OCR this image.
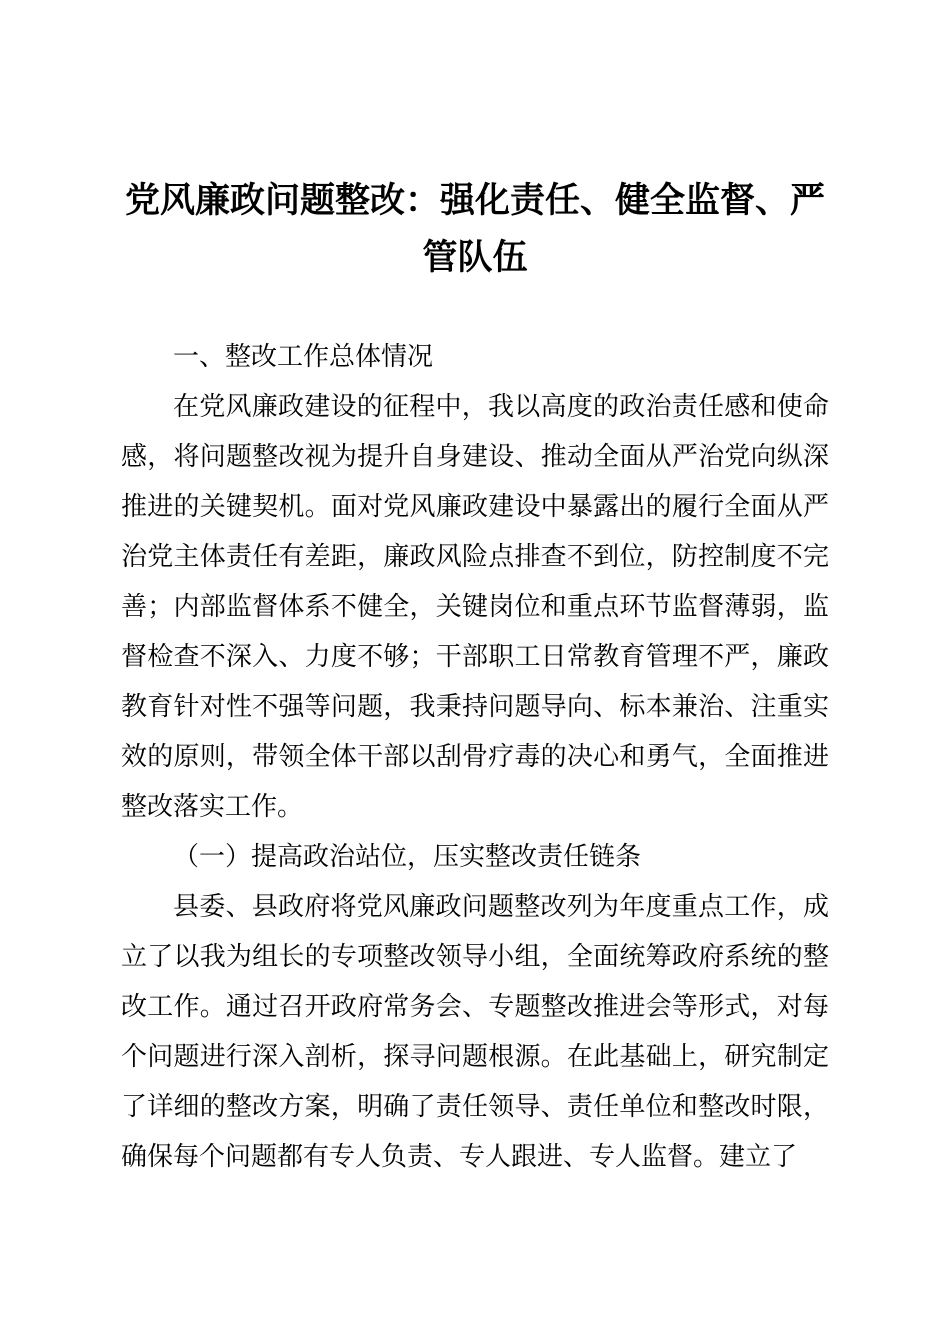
党风廉政问题整改：强化责任、健全监督、严管队伍

一、整改工作总体情况

在党风廉政建设的征程中，我以高度的政治责任感和使命感，将问题整改视为提升自身建设、推动全面从严治党向纵深推进的关键契机。面对党风廉政建设中暴露出的履行全面从严治党主体责任有差距，廉政风险点排查不到位，防控制度不完善；内部监督体系不健全，关键岗位和重点环节监督薄弱，监督检查不深入、力度不够；干部职工日常教育管理不严，廉政教育针对性不强等问题，我秉持问题导向、标本兼治、注重实效的原则，带领全体干部以刮骨疗毒的决心和勇气，全面推进整改落实工作。

（一）提高政治站位，压实整改责任链条

县委、县政府将党风廉政问题整改列为年度重点工作，成立了以我为组长的专项整改领导小组，全面统筹政府系统的整改工作。通过召开政府常务会、专题整改推进会等形式，对每个问题进行深入剖析，探寻问题根源。在此基础上，研究制定了详细的整改方案，明确了责任领导、责任单位和整改时限，确保每个问题都有专人负责、专人跟进、专人监督。建立了
